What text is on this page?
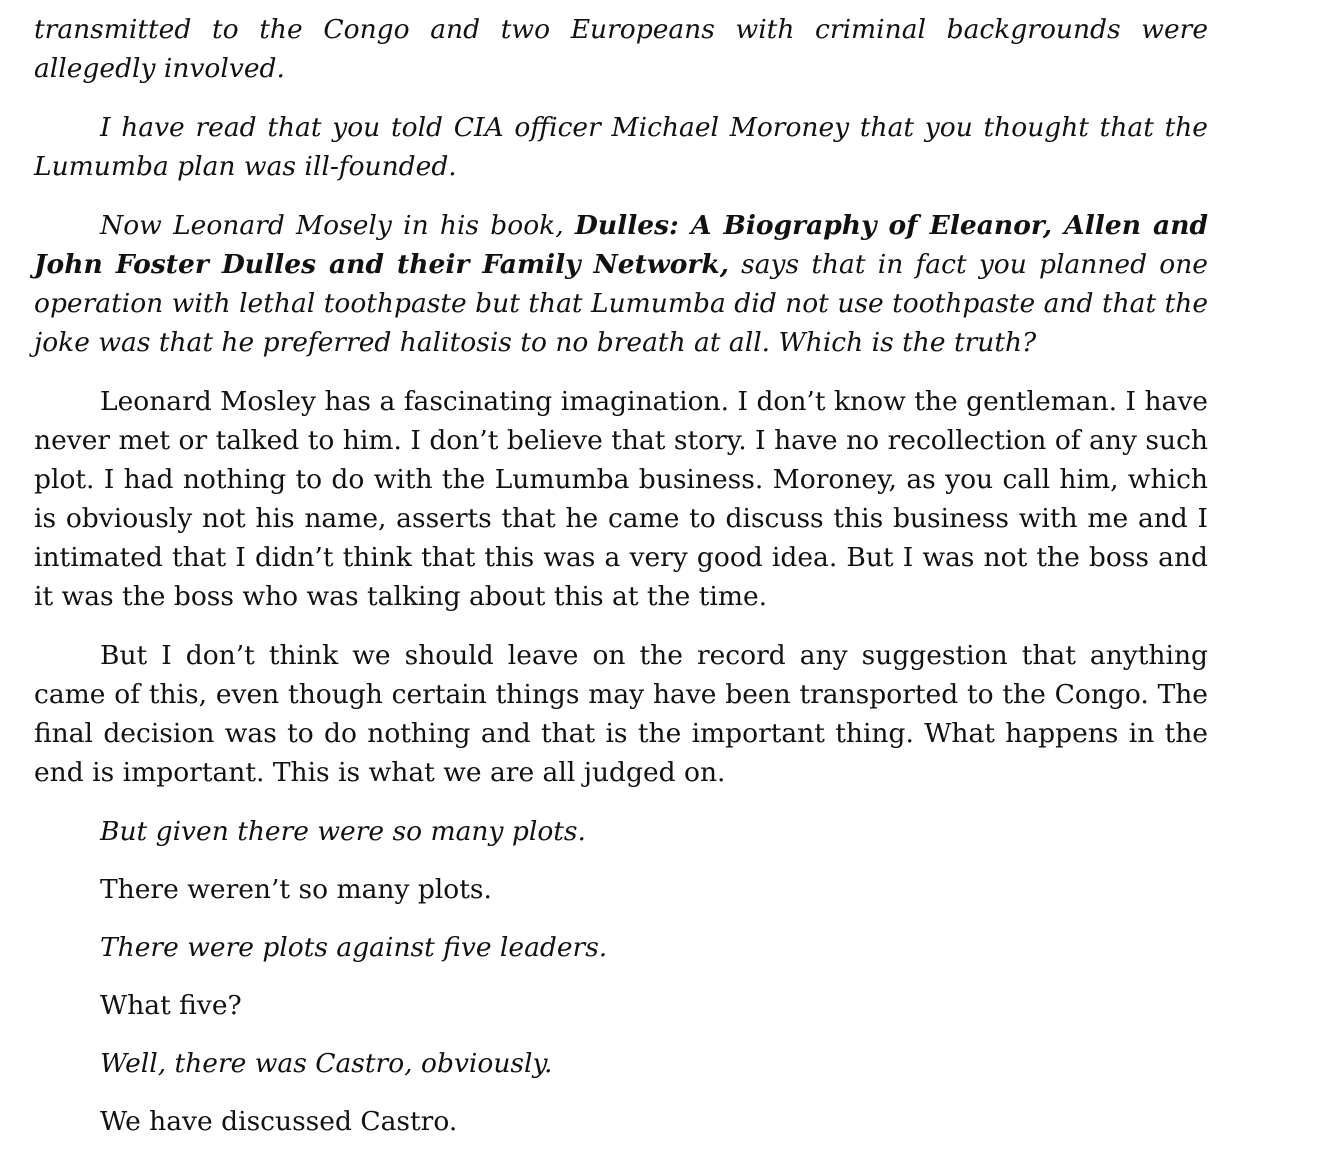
transmitted to the Congo and two Europeans with criminal backgrounds were allegedly involved.

I have read that you told CIA officer Michael Moroney that you thought that the Lumumba plan was ill-founded.

Now Leonard Mosely in his book, Dulles: A Biography of Eleanor, Allen and John Foster Dulles and their Family Network, says that in fact you planned one operation with lethal toothpaste but that Lumumba did not use toothpaste and that the joke was that he preferred halitosis to no breath at all. Which is the truth?

Leonard Mosley has a fascinating imagination. I don’t know the gentleman. I have never met or talked to him. I don’t believe that story. I have no recollection of any such plot. I had nothing to do with the Lumumba business. Moroney, as you call him, which is obviously not his name, asserts that he came to discuss this business with me and I intimated that I didn’t think that this was a very good idea. But I was not the boss and it was the boss who was talking about this at the time.

But I don’t think we should leave on the record any suggestion that anything came of this, even though certain things may have been transported to the Congo. The final decision was to do nothing and that is the important thing. What happens in the end is important. This is what we are all judged on.

But given there were so many plots.

There weren’t so many plots.

There were plots against five leaders.

What five?

Well, there was Castro, obviously.

We have discussed Castro.
